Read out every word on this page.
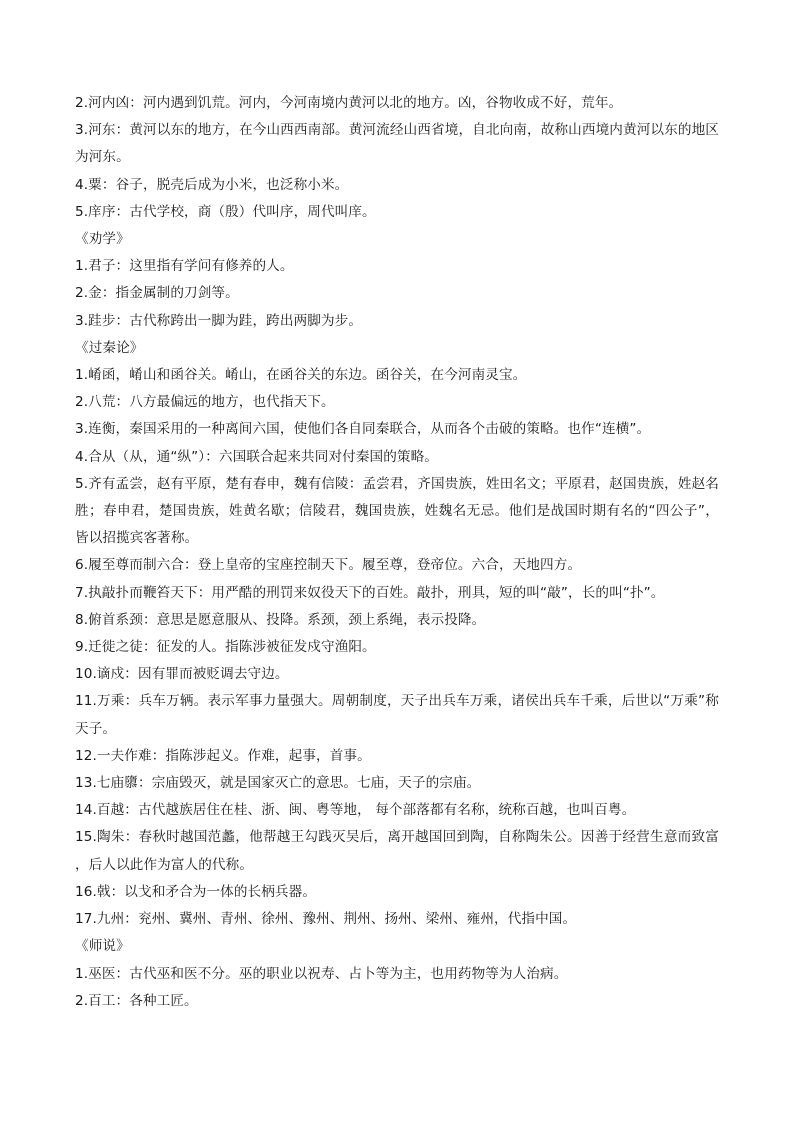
2.河内凶：河内遇到饥荒。河内，今河南境内黄河以北的地方。凶，谷物收成不好，荒年。

3.河东：黄河以东的地方，在今山西西南部。黄河流经山西省境，自北向南，故称山西境内黄河以东的地区为河东。

4.粟：谷子，脱壳后成为小米，也泛称小米。

5.庠序：古代学校，商（殷）代叫序，周代叫庠。

《劝学》

1.君子：这里指有学问有修养的人。

2.金：指金属制的刀剑等。

3.跬步：古代称跨出一脚为跬，跨出两脚为步。

《过秦论》

1.崤函，崤山和函谷关。崤山，在函谷关的东边。函谷关，在今河南灵宝。

2.八荒：八方最偏远的地方，也代指天下。

3.连衡，秦国采用的一种离间六国，使他们各自同秦联合，从而各个击破的策略。也作“连横”。

4.合从（从，通“纵”）：六国联合起来共同对付秦国的策略。

5.齐有孟尝，赵有平原，楚有春申，魏有信陵：孟尝君，齐国贵族，姓田名文；平原君，赵国贵族，姓赵名胜；春申君，楚国贵族，姓黄名歇；信陵君，魏国贵族，姓魏名无忌。他们是战国时期有名的“四公子”，皆以招揽宾客著称。

6.履至尊而制六合：登上皇帝的宝座控制天下。履至尊，登帝位。六合，天地四方。

7.执敲扑而鞭笞天下：用严酷的刑罚来奴役天下的百姓。敲扑，刑具，短的叫“敲”，长的叫“扑”。

8.俯首系颈：意思是愿意服从、投降。系颈，颈上系绳，表示投降。

9.迁徙之徒：征发的人。指陈涉被征发戍守渔阳。

10.谪戍：因有罪而被贬调去守边。

11.万乘：兵车万辆。表示军事力量强大。周朝制度，天子出兵车万乘，诸侯出兵车千乘，后世以“万乘”称天子。

12.一夫作难：指陈涉起义。作难，起事，首事。

13.七庙隳：宗庙毁灭，就是国家灭亡的意思。七庙，天子的宗庙。

14.百越：古代越族居住在桂、浙、闽、粤等地， 每个部落都有名称，统称百越，也叫百粤。

15.陶朱：春秋时越国范蠡，他帮越王勾践灭吴后，离开越国回到陶，自称陶朱公。因善于经营生意而致富，后人以此作为富人的代称。

16.戟：以戈和矛合为一体的长柄兵器。

17.九州：兖州、冀州、青州、徐州、豫州、荆州、扬州、梁州、雍州，代指中国。

《师说》

1.巫医：古代巫和医不分。巫的职业以祝寿、占卜等为主，也用药物等为人治病。

2.百工：各种工匠。
